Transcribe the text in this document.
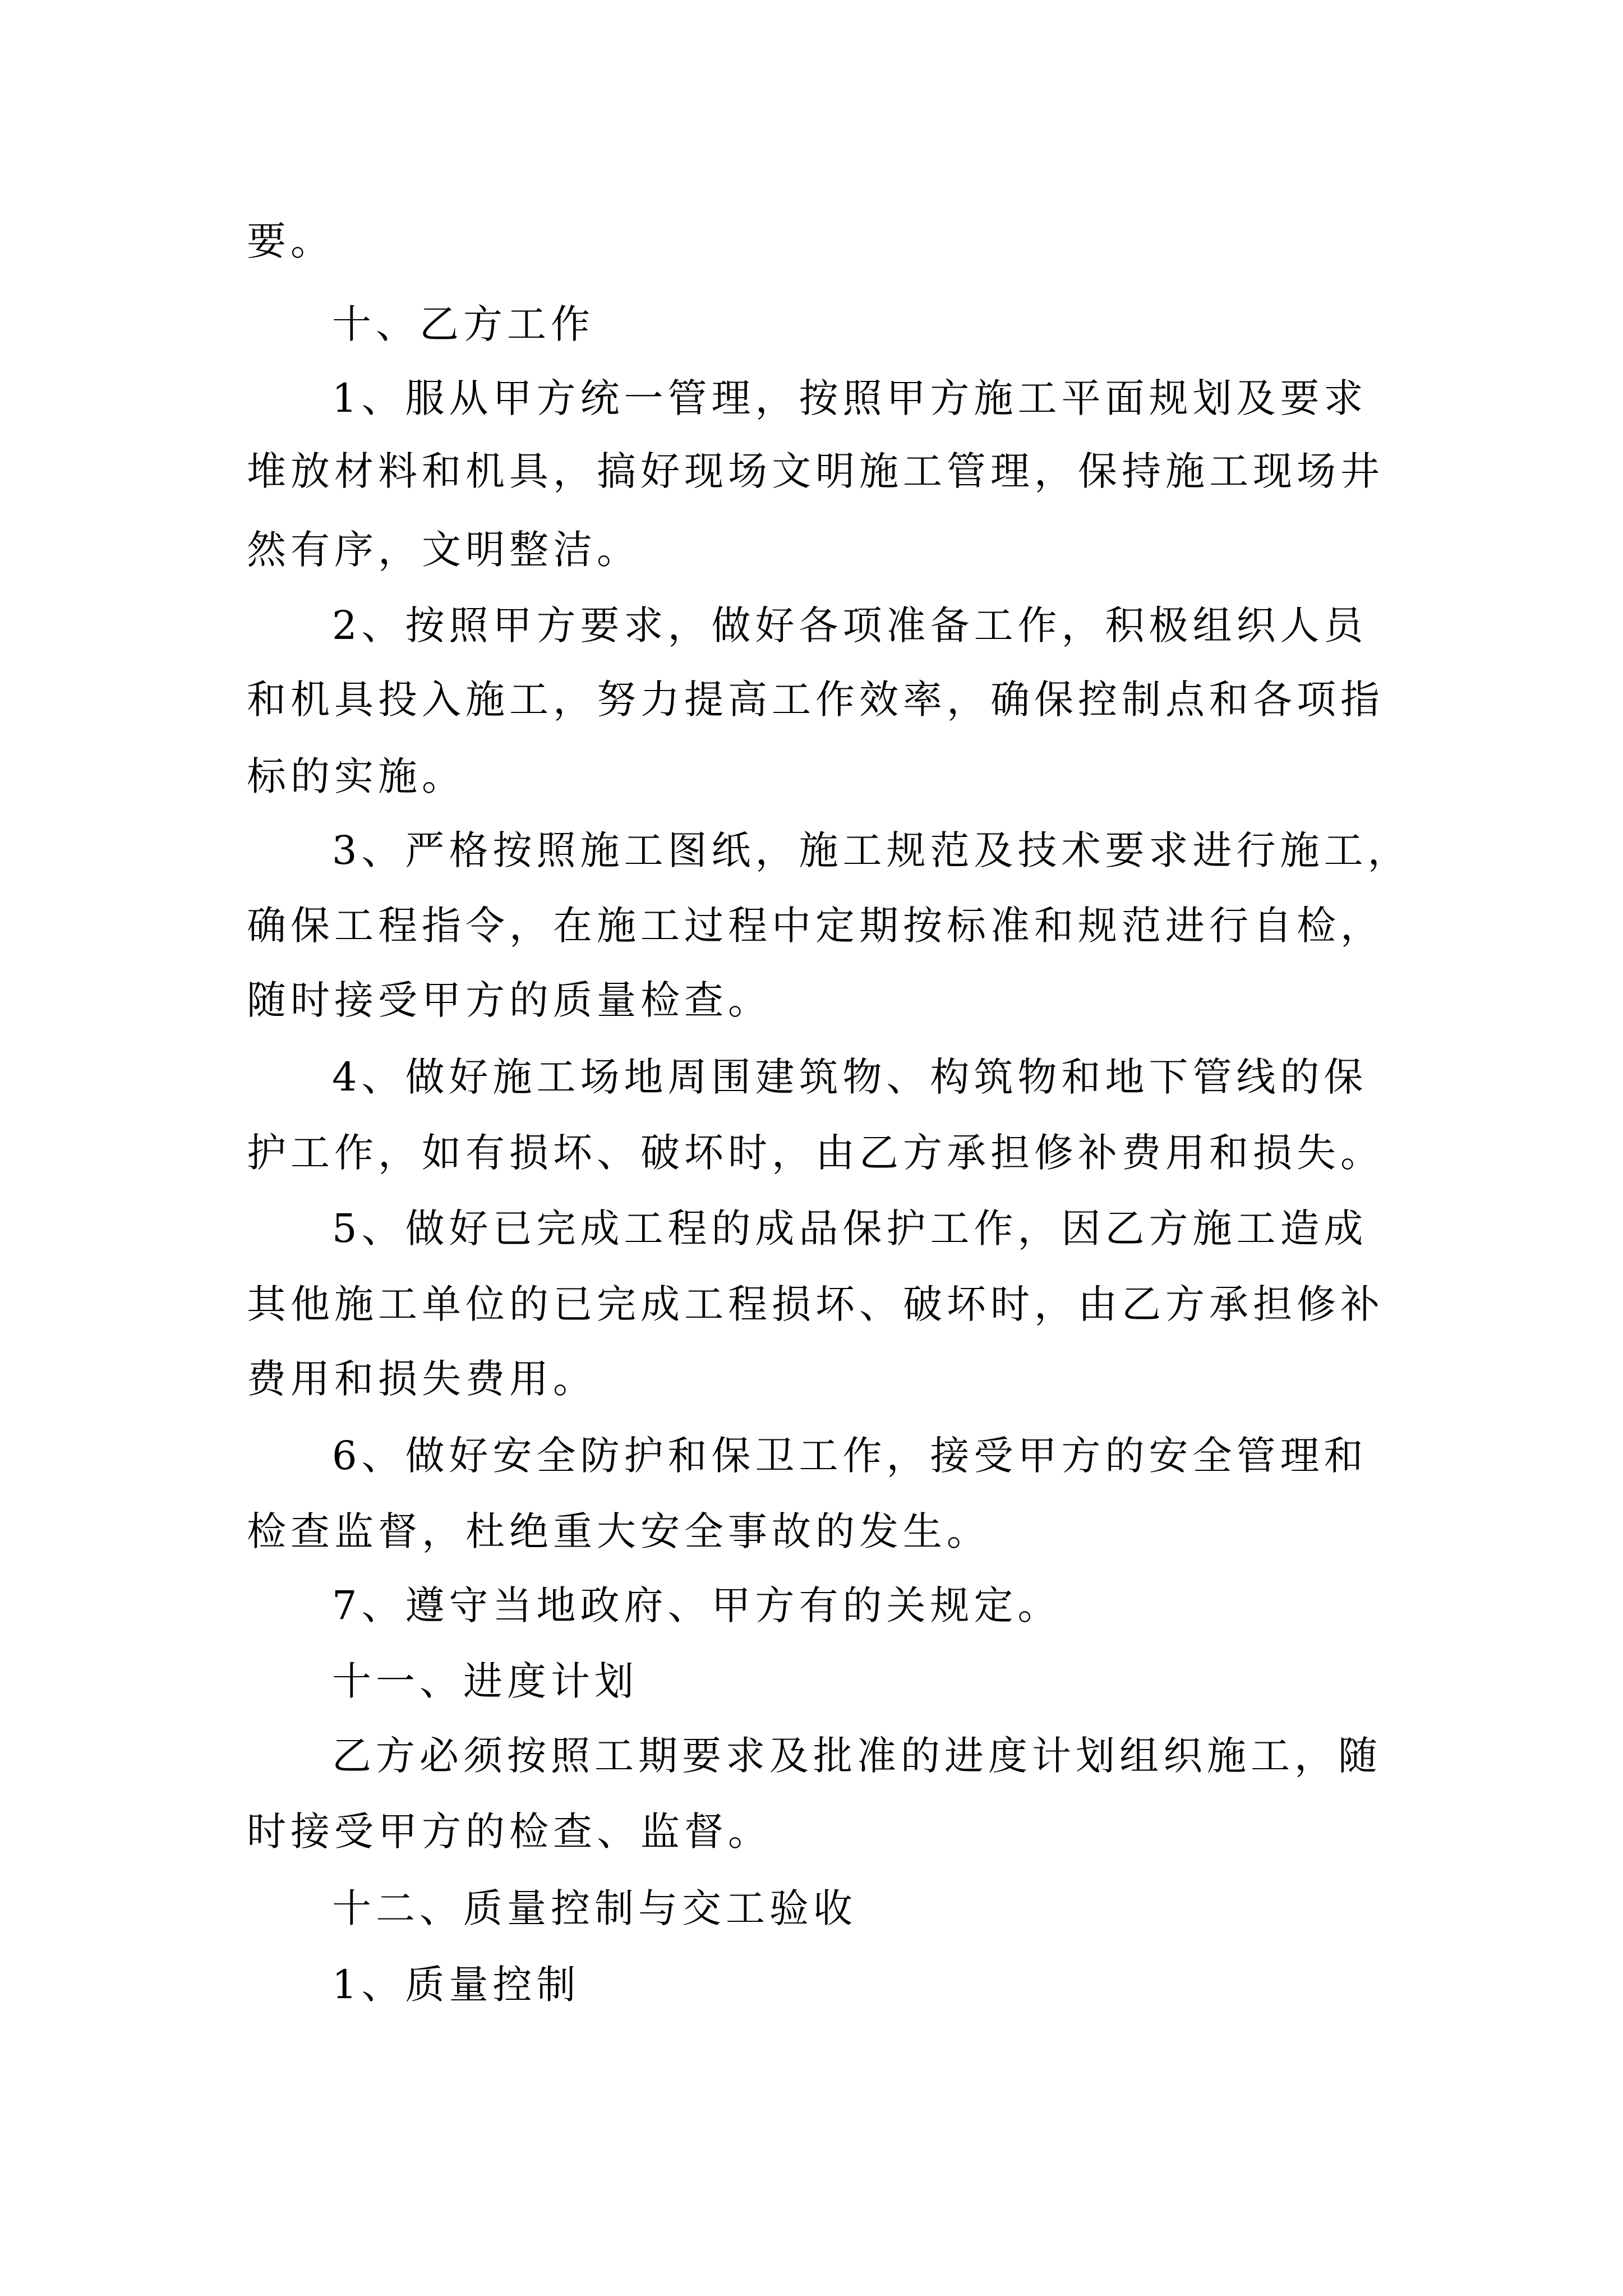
要。
十、乙方工作
1、服从甲方统一管理，按照甲方施工平面规划及要求
堆放材料和机具，搞好现场文明施工管理，保持施工现场井
然有序，文明整洁。
2、按照甲方要求，做好各项准备工作，积极组织人员
和机具投入施工，努力提高工作效率，确保控制点和各项指
标的实施。
3、严格按照施工图纸，施工规范及技术要求进行施工，
确保工程指令，在施工过程中定期按标准和规范进行自检，
随时接受甲方的质量检查。
4、做好施工场地周围建筑物、构筑物和地下管线的保
护工作，如有损坏、破坏时，由乙方承担修补费用和损失。
5、做好已完成工程的成品保护工作，因乙方施工造成
其他施工单位的已完成工程损坏、破坏时，由乙方承担修补
费用和损失费用。
6、做好安全防护和保卫工作，接受甲方的安全管理和
检查监督，杜绝重大安全事故的发生。
7、遵守当地政府、甲方有的关规定。
十一、进度计划
乙方必须按照工期要求及批准的进度计划组织施工，随
时接受甲方的检查、监督。
十二、质量控制与交工验收
1、质量控制
